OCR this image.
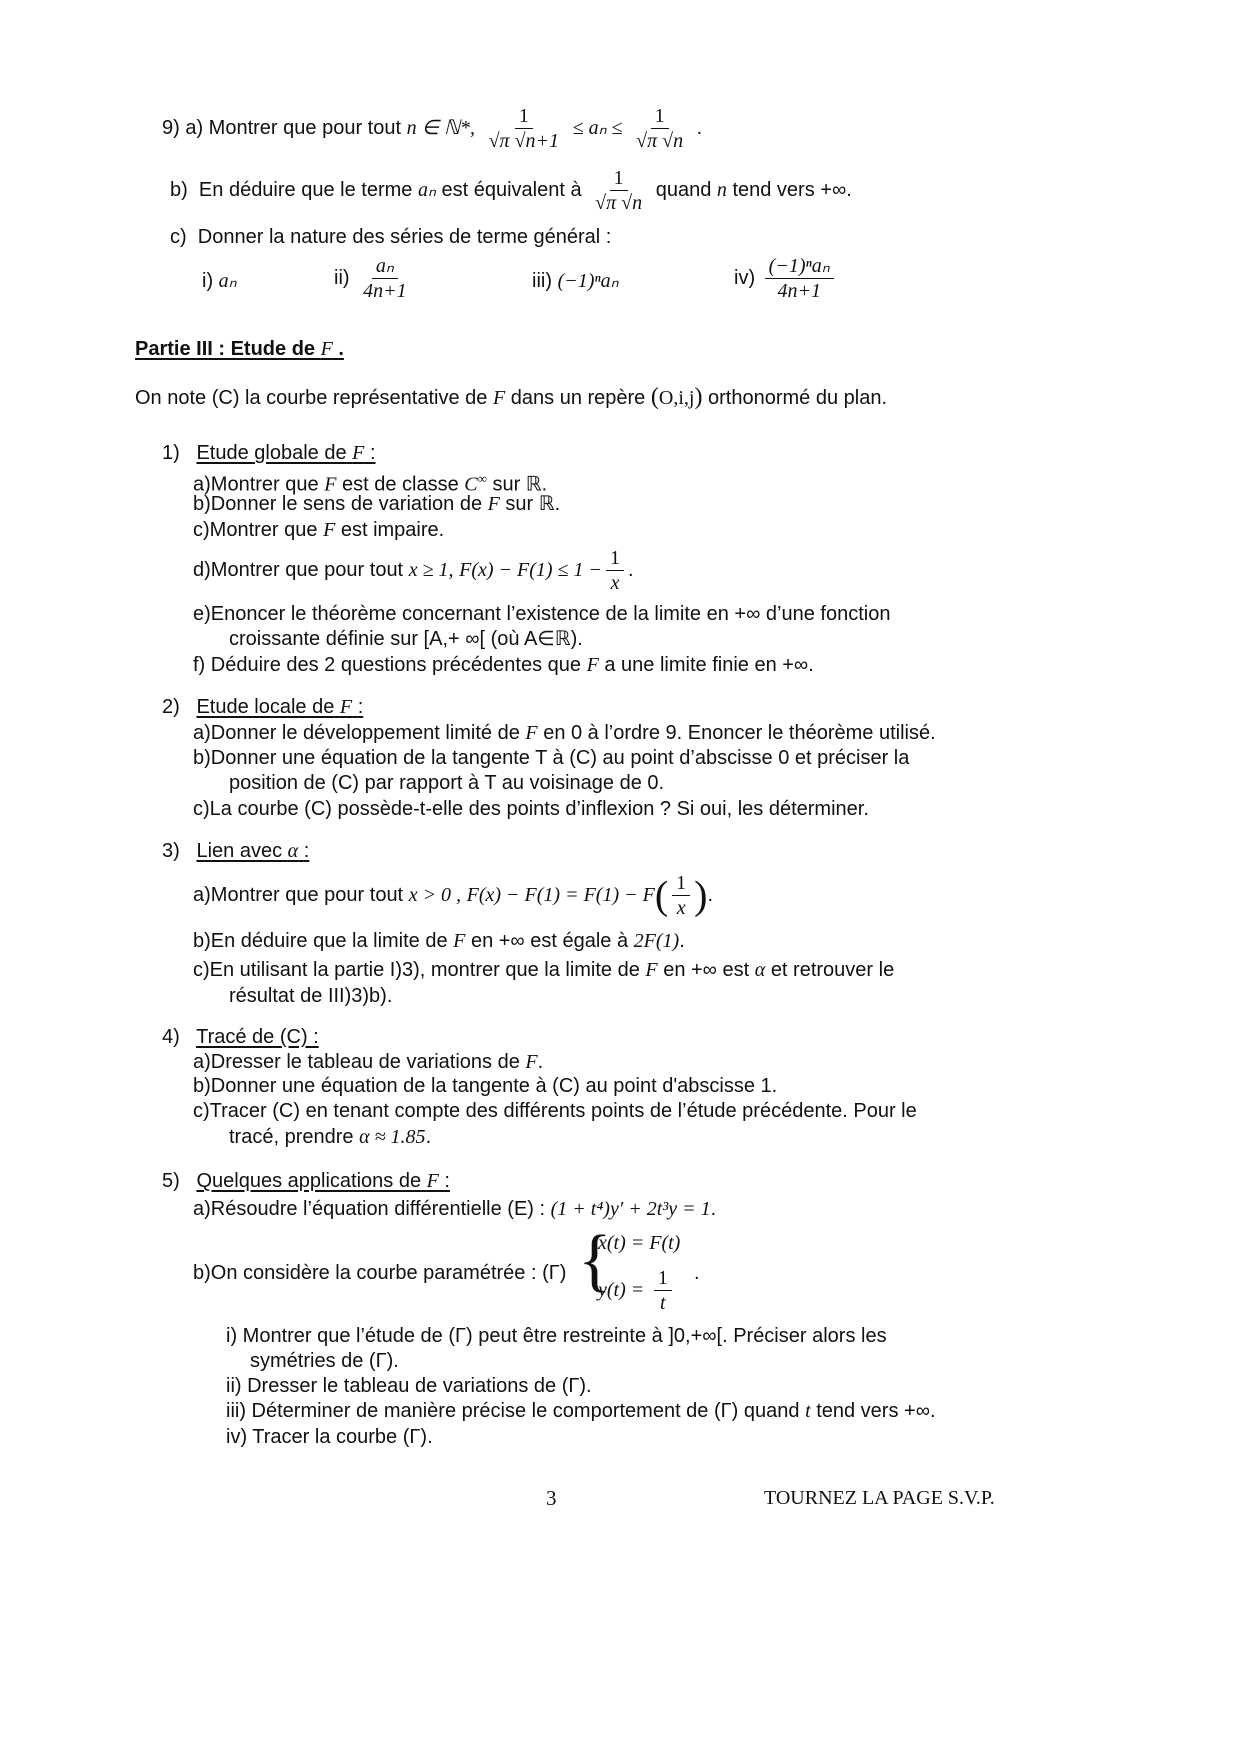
9) a) Montrer que pour tout n ∈ ℕ*, $\frac{1}{√\pi √n+1} \le a_n \le \frac{1}{√\pi √n}$ .
b) En déduire que le terme aₙ est équivalent à $\frac{1}{√\pi √n}$ quand n tend vers +∞.
c) Donner la nature des séries de terme général :
i) aₙ	$ii) \frac{\text{aₙ}}{4n+1}$	iii) (−1)ⁿaₙ	$iv) \frac{\text{(−1)ⁿaₙ}}{4n+1}$
Partie III : Etude de F .
On note (C) la courbe représentative de F dans un repère (O,i,j) orthonormé du plan.
1) Etude globale de F :
a)Montrer que F est de classe C∞ sur ℝ.
b)Donner le sens de variation de F sur ℝ.
c)Montrer que F est impaire.
d)Montrer que pour tout x ≥ 1, $F(x) - F(1) \le 1 - \frac{1}{x}$ .
e)Enoncer le théorème concernant l’existence de la limite en +∞ d’une fonction
croissante définie sur [A,+ ∞[ (où A∈ℝ).
f) Déduire des 2 questions précédentes que F a une limite finie en +∞.
2) Etude locale de F :
a)Donner le développement limité de F en 0 à l’ordre 9. Enoncer le théorème utilisé.
b)Donner une équation de la tangente T à (C) au point d’abscisse 0 et préciser la
position de (C) par rapport à T au voisinage de 0.
c)La courbe (C) possède-t-elle des points d’inflexion ? Si oui, les déterminer.
3) Lien avec α :
a)Montrer que pour tout x > 0 , $F(x) - F(1) = F(1) - F( \frac{1}{x}$ ).
b)En déduire que la limite de F en +∞ est égale à 2F(1).
c)En utilisant la partie I)3), montrer que la limite de F en +∞ est α et retrouver le
résultat de III)3)b).
4) Tracé de (C) :
a)Dresser le tableau de variations de F.
b)Donner une équation de la tangente à (C) au point d'abscisse 1.
c)Tracer (C) en tenant compte des différents points de l’étude précédente. Pour le
tracé, prendre α ≈ 1.85.
5) Quelques applications de F :
a)Résoudre l’équation différentielle (E) : (1 + t⁴)y′ + 2t³y = 1.
b)On considère la courbe paramétrée : (Γ) {
x(t) = F(t)
$y(t) = \frac{1}{t}$ .
i) Montrer que l’étude de (Γ) peut être restreinte à ]0,+∞[. Préciser alors les
symétries de (Γ).
ii) Dresser le tableau de variations de (Γ).
iii) Déterminer de manière précise le comportement de (Γ) quand t tend vers +∞.
iv) Tracer la courbe (Γ).
3	TOURNEZ LA PAGE S.V.P.
